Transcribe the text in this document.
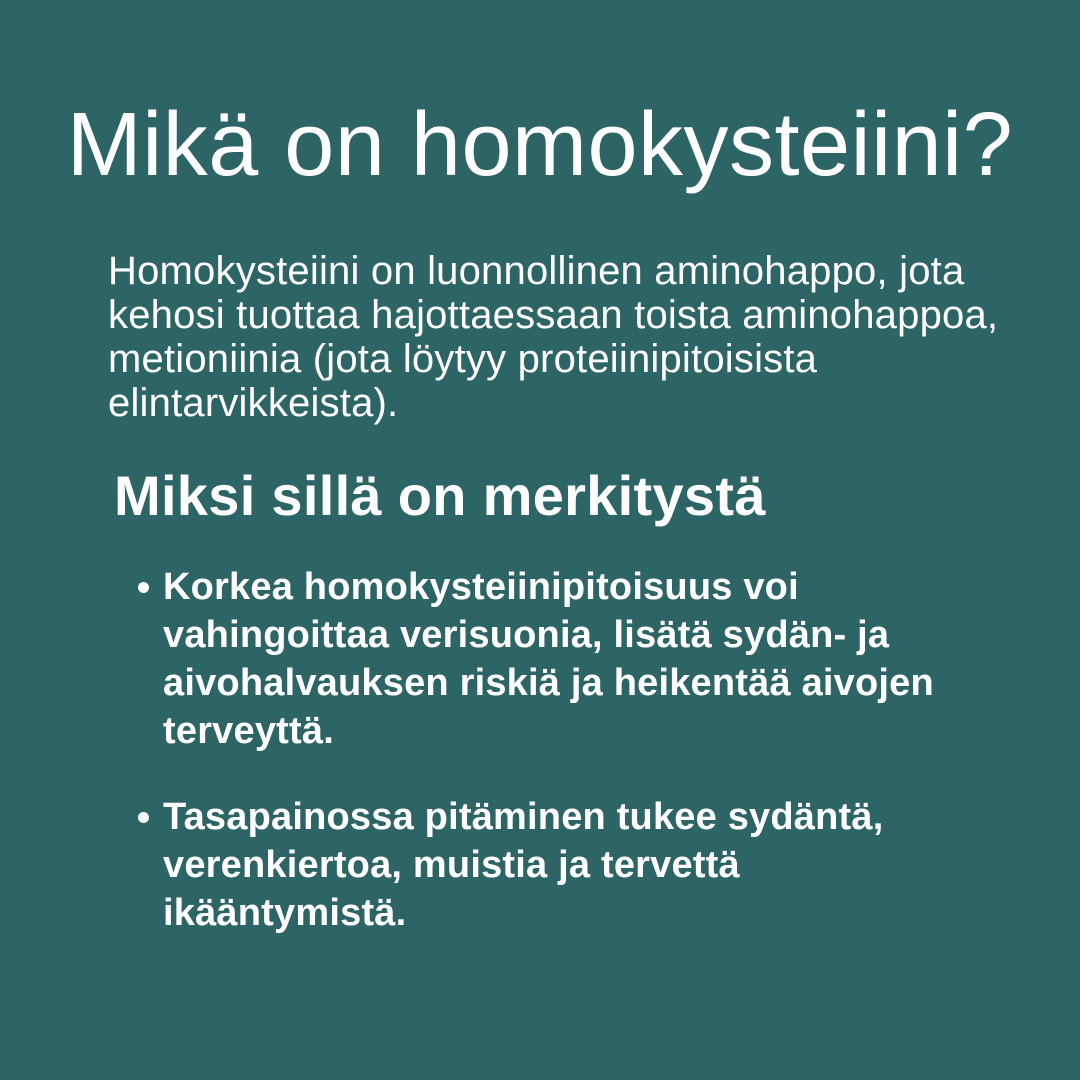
Mikä on homokysteiini?

Homokysteiini on luonnollinen aminohappo, jota
kehosi tuottaa hajottaessaan toista aminohappoa,
metioniinia (jota löytyy proteiinipitoisista
elintarvikkeista).

Miksi sillä on merkitystä
Korkea homokysteiinipitoisuus voi
vahingoittaa verisuonia, lisätä sydän- ja
aivohalvauksen riskiä ja heikentää aivojen
terveyttä.
Tasapainossa pitäminen tukee sydäntä,
verenkiertoa, muistia ja tervettä
ikääntymistä.
